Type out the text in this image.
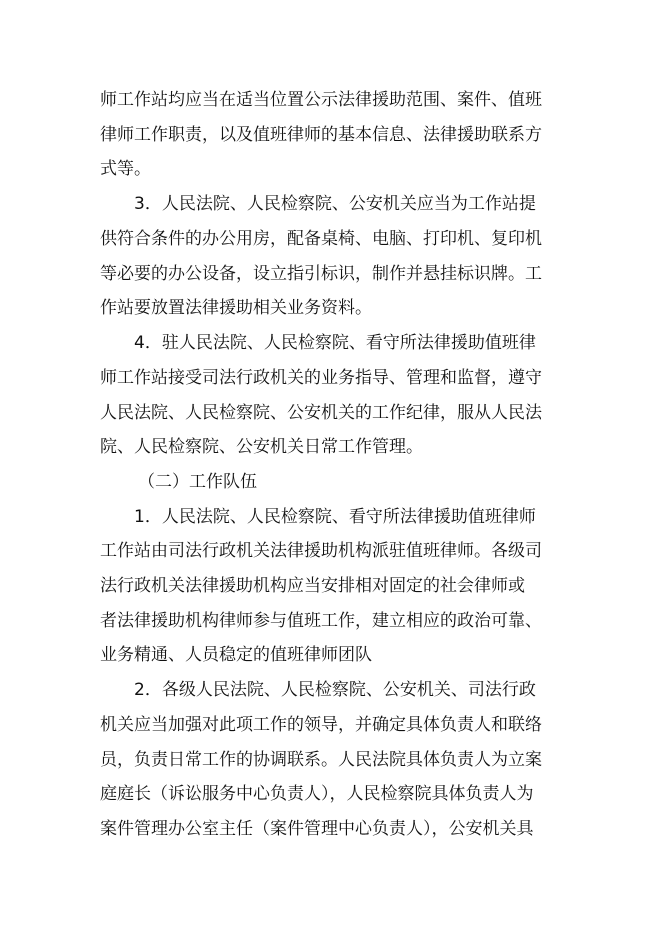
师工作站均应当在适当位置公示法律援助范围、案件、值班
律师工作职责，以及值班律师的基本信息、法律援助联系方
式等。
3．人民法院、人民检察院、公安机关应当为工作站提
供符合条件的办公用房，配备桌椅、电脑、打印机、复印机
等必要的办公设备，设立指引标识，制作并悬挂标识牌。工
作站要放置法律援助相关业务资料。
4．驻人民法院、人民检察院、看守所法律援助值班律
师工作站接受司法行政机关的业务指导、管理和监督，遵守
人民法院、人民检察院、公安机关的工作纪律，服从人民法
院、人民检察院、公安机关日常工作管理。
（二）工作队伍
1．人民法院、人民检察院、看守所法律援助值班律师
工作站由司法行政机关法律援助机构派驻值班律师。各级司
法行政机关法律援助机构应当安排相对固定的社会律师或
者法律援助机构律师参与值班工作，建立相应的政治可靠、
业务精通、人员稳定的值班律师团队
2．各级人民法院、人民检察院、公安机关、司法行政
机关应当加强对此项工作的领导，并确定具体负责人和联络
员，负责日常工作的协调联系。人民法院具体负责人为立案
庭庭长（诉讼服务中心负责人），人民检察院具体负责人为
案件管理办公室主任（案件管理中心负责人），公安机关具
